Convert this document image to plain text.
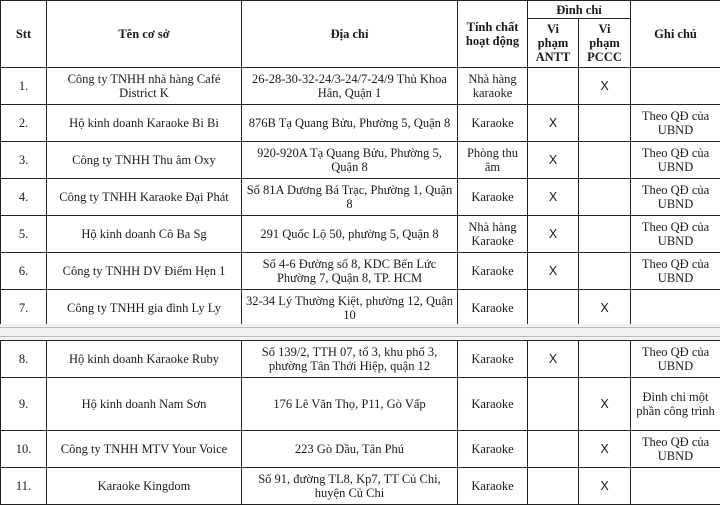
Stt	Tên cơ sở	Địa chỉ	Tính chất hoạt động	Đình chỉ		Ghi chú
				Vi phạm ANTT	Vi phạm PCCC	
1.	Công ty TNHH nhà hàng Café District K	26-28-30-32-24/3-24/7-24/9 Thủ Khoa Hân, Quận 1	Nhà hàng karaoke		X	
2.	Hộ kinh doanh Karaoke Bi Bi	876B Tạ Quang Bửu, Phường 5, Quận 8	Karaoke	X		Theo QĐ của UBND
3.	Công ty TNHH Thu âm Oxy	920-920A Tạ Quang Bửu, Phường 5, Quận 8	Phòng thu âm	X		Theo QĐ của UBND
4.	Công ty TNHH Karaoke Đại Phát	Số 81A Dương Bá Trạc, Phường 1, Quận 8	Karaoke	X		Theo QĐ của UBND
5.	Hộ kinh doanh Cô Ba Sg	291 Quốc Lộ 50, phường 5, Quận 8	Nhà hàng Karaoke	X		Theo QĐ của UBND
6.	Công ty TNHH DV Điểm Hẹn 1	Số 4-6 Đường số 8, KDC Bến Lức Phường 7, Quận 8, TP. HCM	Karaoke	X		Theo QĐ của UBND
7.	Công ty TNHH gia đình Ly Ly	32-34 Lý Thường Kiệt, phường 12, Quận 10	Karaoke		X	
8.	Hộ kinh doanh Karaoke Ruby	Số 139/2, TTH 07, tổ 3, khu phố 3, phường Tân Thới Hiệp, quận 12	Karaoke	X		Theo QĐ của UBND
9.	Hộ kinh doanh Nam Sơn	176 Lê Văn Thọ, P11, Gò Vấp	Karaoke		X	Đình chỉ một phần công trình
10.	Công ty TNHH MTV Your Voice	223 Gò Dầu, Tân Phú	Karaoke		X	Theo QĐ của UBND
11.	Karaoke Kingdom	Số 91, đường TL8, Kp7, TT Củ Chi, huyện Củ Chi	Karaoke		X	
